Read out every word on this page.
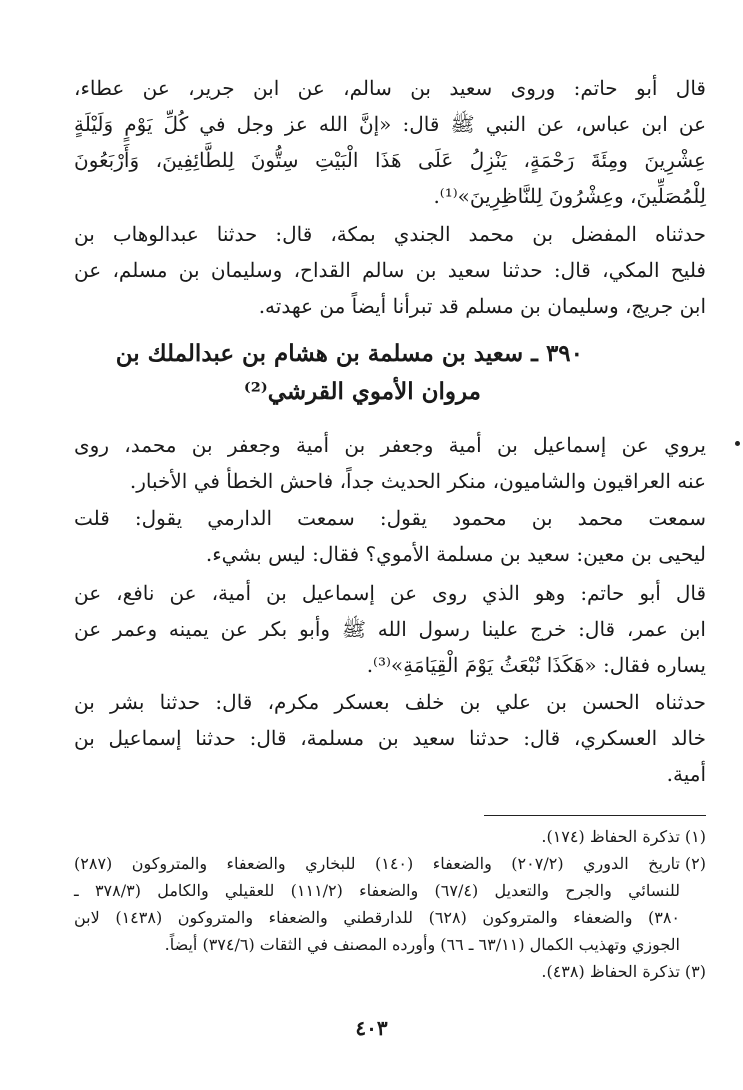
قال أبو حاتم: وروى سعيد بن سالم، عن ابن جرير، عن عطاء،
عن ابن عباس، عن النبي ﷺ قال: «إنَّ الله عز وجل في كُلِّ يَوْمٍ وَلَيْلَةٍ
عِشْرِينَ ومِئَةَ رَحْمَةٍ، يَنْزِلُ عَلَى هَذَا الْبَيْتِ سِتُّونَ لِلطَّائِفِينَ، وَأَرْبَعُونَ
لِلْمُصَلِّينَ، وعِشْرُونَ لِلنَّاظِرِينَ»⁽¹⁾.
حدثناه المفضل بن محمد الجندي بمكة، قال: حدثنا عبدالوهاب بن
فليح المكي، قال: حدثنا سعيد بن سالم القداح، وسليمان بن مسلم، عن
ابن جريج، وسليمان بن مسلم قد تبرأنا أيضاً من عهدته.
٣٩٠ ـ سعيد بن مسلمة بن هشام بن عبدالملك بن
مروان الأموي القرشي⁽²⁾
يروي عن إسماعيل بن أمية وجعفر بن أمية وجعفر بن محمد، روى
عنه العراقيون والشاميون، منكر الحديث جداً، فاحش الخطأ في الأخبار.
سمعت محمد بن محمود يقول: سمعت الدارمي يقول: قلت
ليحيى بن معين: سعيد بن مسلمة الأموي؟ فقال: ليس بشيء.
قال أبو حاتم: وهو الذي روى عن إسماعيل بن أمية، عن نافع، عن
ابن عمر، قال: خرج علينا رسول الله ﷺ وأبو بكر عن يمينه وعمر عن
يساره فقال: «هَكَذَا نُبْعَثُ يَوْمَ الْقِيَامَةِ»⁽³⁾.
حدثناه الحسن بن علي بن خلف بعسكر مكرم، قال: حدثنا بشر بن
خالد العسكري، قال: حدثنا سعيد بن مسلمة، قال: حدثنا إسماعيل بن
أمية.
(١)
تذكرة الحفاظ (١٧٤).
(٢)
تاريخ الدوري (٢٠٧/٢) والضعفاء (١٤٠) للبخاري والضعفاء والمتروكون (٢٨٧)
للنسائي والجرح والتعديل (٦٧/٤) والضعفاء (١١١/٢) للعقيلي والكامل (٣٧٨/٣ ـ
٣٨٠) والضعفاء والمتروكون (٦٢٨) للدارقطني والضعفاء والمتروكون (١٤٣٨) لابن
الجوزي وتهذيب الكمال (٦٣/١١ ـ ٦٦) وأورده المصنف في الثقات (٣٧٤/٦) أيضاً.
(٣)
تذكرة الحفاظ (٤٣٨).
٤٠٣
